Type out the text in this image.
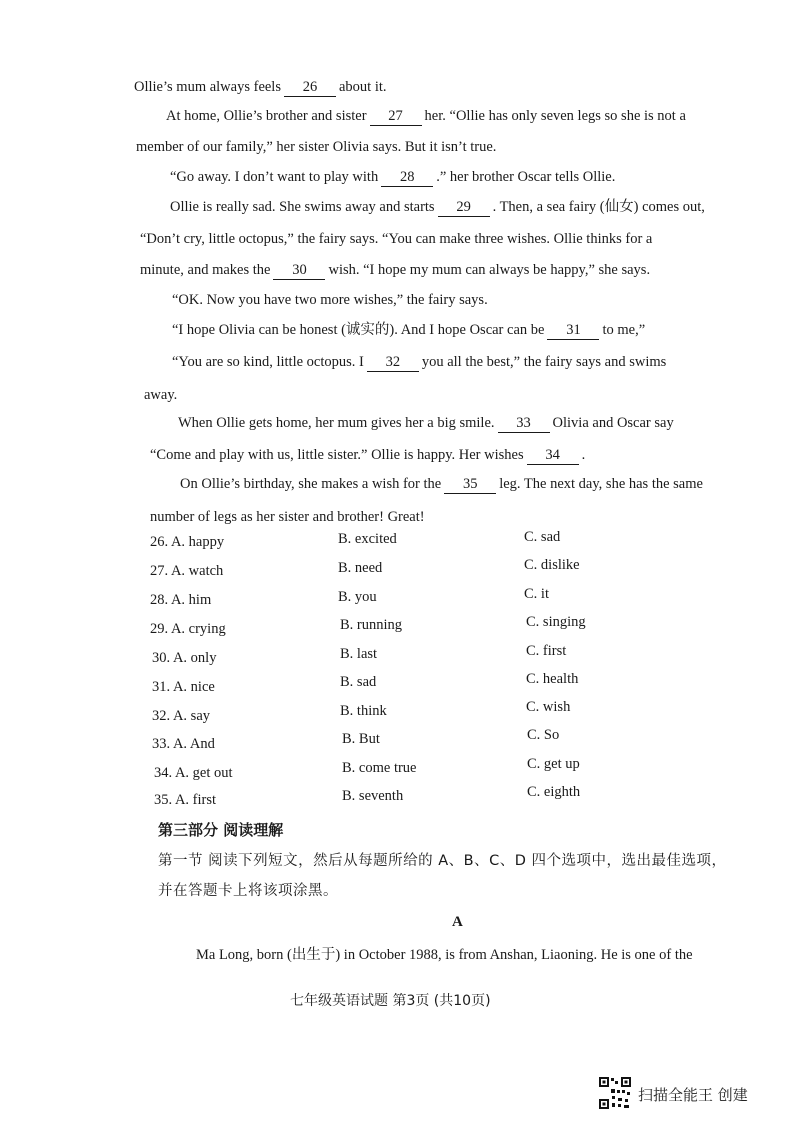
Ollie’s mum always feels 26 about it.
At home, Ollie’s brother and sister 27 her. “Ollie has only seven legs so she is not a
member of our family,” her sister Olivia says. But it isn’t true.
“Go away. I don’t want to play with 28 .” her brother Oscar tells Ollie.
Ollie is really sad. She swims away and starts 29 . Then, a sea fairy (仙女) comes out,
“Don’t cry, little octopus,” the fairy says. “You can make three wishes. Ollie thinks for a
minute, and makes the 30 wish. “I hope my mum can always be happy,” she says.
“OK. Now you have two more wishes,” the fairy says.
“I hope Olivia can be honest (诚实的). And I hope Oscar can be 31 to me,”
“You are so kind, little octopus. I 32 you all the best,” the fairy says and swims
away.
When Ollie gets home, her mum gives her a big smile. 33 Olivia and Oscar say
“Come and play with us, little sister.” Ollie is happy. Her wishes 34 .
On Ollie’s birthday, she makes a wish for the 35 leg. The next day, she has the same
number of legs as her sister and brother! Great!
26. A. happy	B. excited	C. sad
27. A. watch	B. need	C. dislike
28. A. him	B. you	C. it
29. A. crying	B. running	C. singing
30. A. only	B. last	C. first
31. A. nice	B. sad	C. health
32. A. say	B. think	C. wish
33. A. And	B. But	C. So
34. A. get out	B. come true	C. get up
35. A. first	B. seventh	C. eighth
第三部分 阅读理解
第一节 阅读下列短文，然后从每题所给的 A、B、C、D 四个选项中，选出最佳选项，
并在答题卡上将该项涂黑。
A
Ma Long, born (出生于) in October 1988, is from Anshan, Liaoning. He is one of the
七年级英语试题 第3页 (共10页)
扫描全能王 创建
